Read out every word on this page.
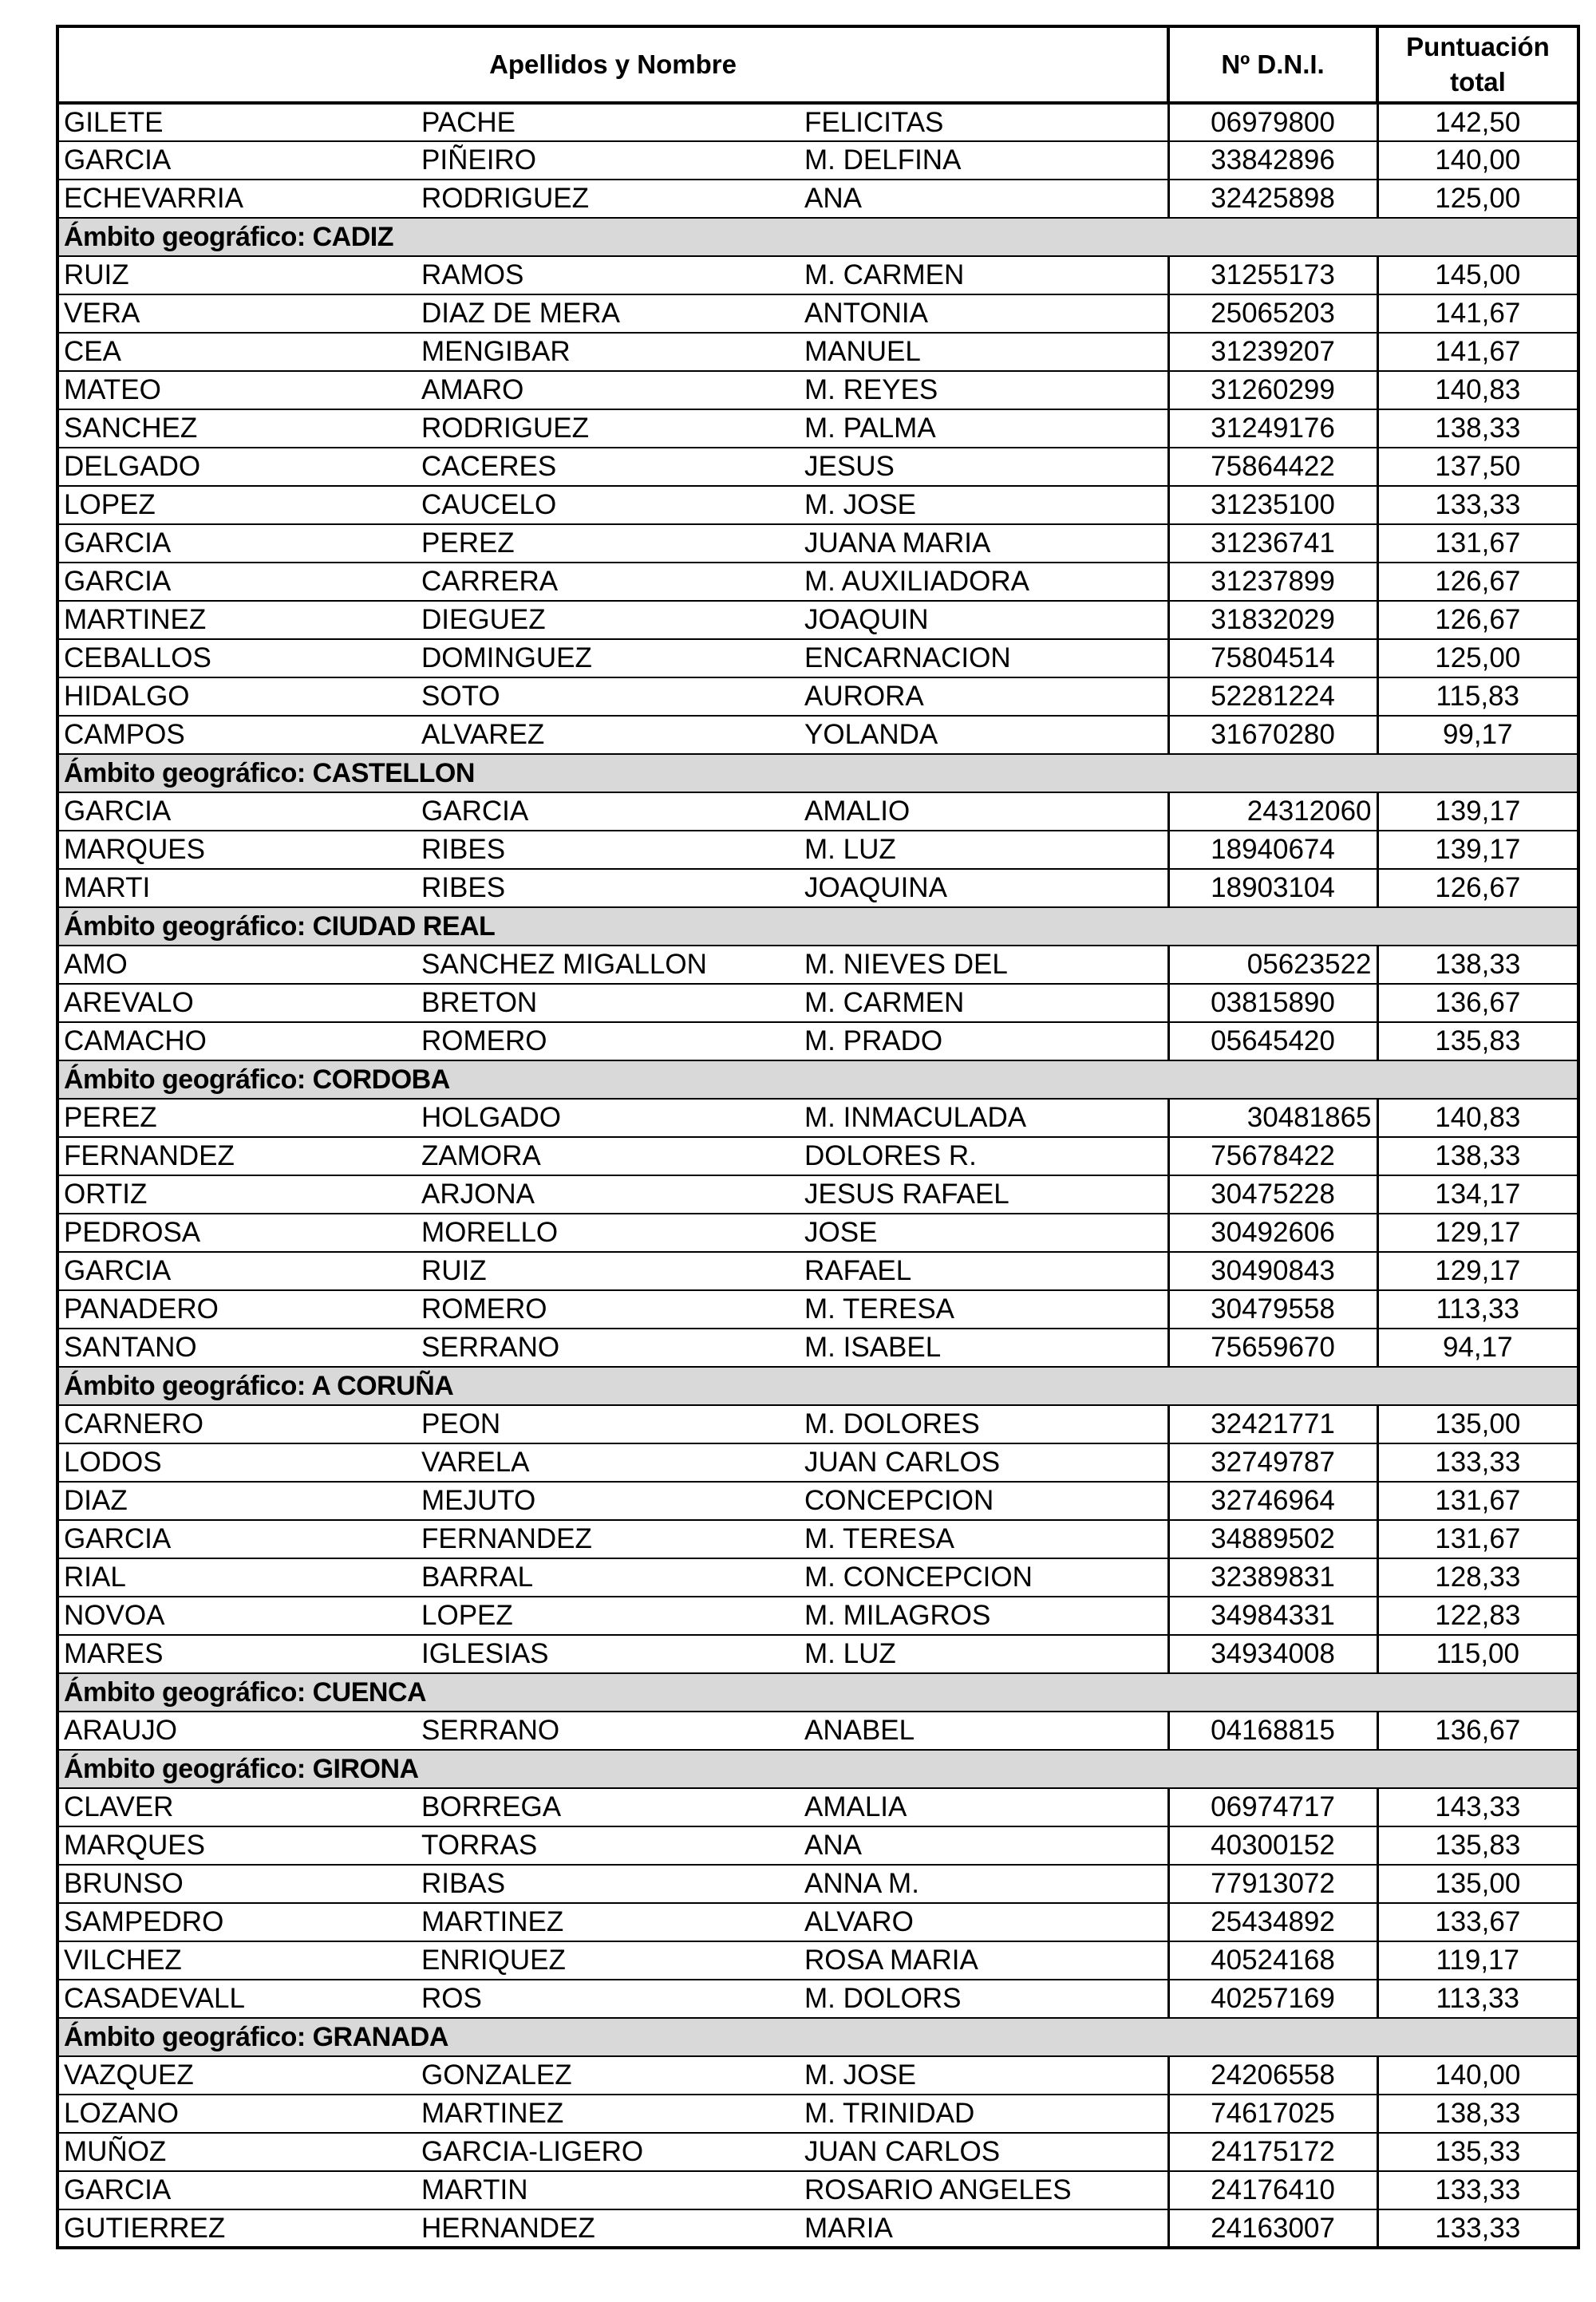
Apellidos y Nombre			Nº D.N.I.	Puntuación total
GILETE	PACHE	FELICITAS	06979800	142,50
GARCIA	PIÑEIRO	M. DELFINA	33842896	140,00
ECHEVARRIA	RODRIGUEZ	ANA	32425898	125,00
Ámbito geográfico: CADIZ				
RUIZ	RAMOS	M. CARMEN	31255173	145,00
VERA	DIAZ DE MERA	ANTONIA	25065203	141,67
CEA	MENGIBAR	MANUEL	31239207	141,67
MATEO	AMARO	M. REYES	31260299	140,83
SANCHEZ	RODRIGUEZ	M. PALMA	31249176	138,33
DELGADO	CACERES	JESUS	75864422	137,50
LOPEZ	CAUCELO	M. JOSE	31235100	133,33
GARCIA	PEREZ	JUANA MARIA	31236741	131,67
GARCIA	CARRERA	M. AUXILIADORA	31237899	126,67
MARTINEZ	DIEGUEZ	JOAQUIN	31832029	126,67
CEBALLOS	DOMINGUEZ	ENCARNACION	75804514	125,00
HIDALGO	SOTO	AURORA	52281224	115,83
CAMPOS	ALVAREZ	YOLANDA	31670280	99,17
Ámbito geográfico: CASTELLON				
GARCIA	GARCIA	AMALIO	24312060	139,17
MARQUES	RIBES	M. LUZ	18940674	139,17
MARTI	RIBES	JOAQUINA	18903104	126,67
Ámbito geográfico: CIUDAD REAL				
AMO	SANCHEZ MIGALLON	M. NIEVES DEL	05623522	138,33
AREVALO	BRETON	M. CARMEN	03815890	136,67
CAMACHO	ROMERO	M. PRADO	05645420	135,83
Ámbito geográfico: CORDOBA				
PEREZ	HOLGADO	M. INMACULADA	30481865	140,83
FERNANDEZ	ZAMORA	DOLORES R.	75678422	138,33
ORTIZ	ARJONA	JESUS RAFAEL	30475228	134,17
PEDROSA	MORELLO	JOSE	30492606	129,17
GARCIA	RUIZ	RAFAEL	30490843	129,17
PANADERO	ROMERO	M. TERESA	30479558	113,33
SANTANO	SERRANO	M. ISABEL	75659670	94,17
Ámbito geográfico: A CORUÑA				
CARNERO	PEON	M. DOLORES	32421771	135,00
LODOS	VARELA	JUAN CARLOS	32749787	133,33
DIAZ	MEJUTO	CONCEPCION	32746964	131,67
GARCIA	FERNANDEZ	M. TERESA	34889502	131,67
RIAL	BARRAL	M. CONCEPCION	32389831	128,33
NOVOA	LOPEZ	M. MILAGROS	34984331	122,83
MARES	IGLESIAS	M. LUZ	34934008	115,00
Ámbito geográfico: CUENCA				
ARAUJO	SERRANO	ANABEL	04168815	136,67
Ámbito geográfico: GIRONA				
CLAVER	BORREGA	AMALIA	06974717	143,33
MARQUES	TORRAS	ANA	40300152	135,83
BRUNSO	RIBAS	ANNA M.	77913072	135,00
SAMPEDRO	MARTINEZ	ALVARO	25434892	133,67
VILCHEZ	ENRIQUEZ	ROSA MARIA	40524168	119,17
CASADEVALL	ROS	M. DOLORS	40257169	113,33
Ámbito geográfico: GRANADA				
VAZQUEZ	GONZALEZ	M. JOSE	24206558	140,00
LOZANO	MARTINEZ	M. TRINIDAD	74617025	138,33
MUÑOZ	GARCIA-LIGERO	JUAN CARLOS	24175172	135,33
GARCIA	MARTIN	ROSARIO ANGELES	24176410	133,33
GUTIERREZ	HERNANDEZ	MARIA	24163007	133,33
